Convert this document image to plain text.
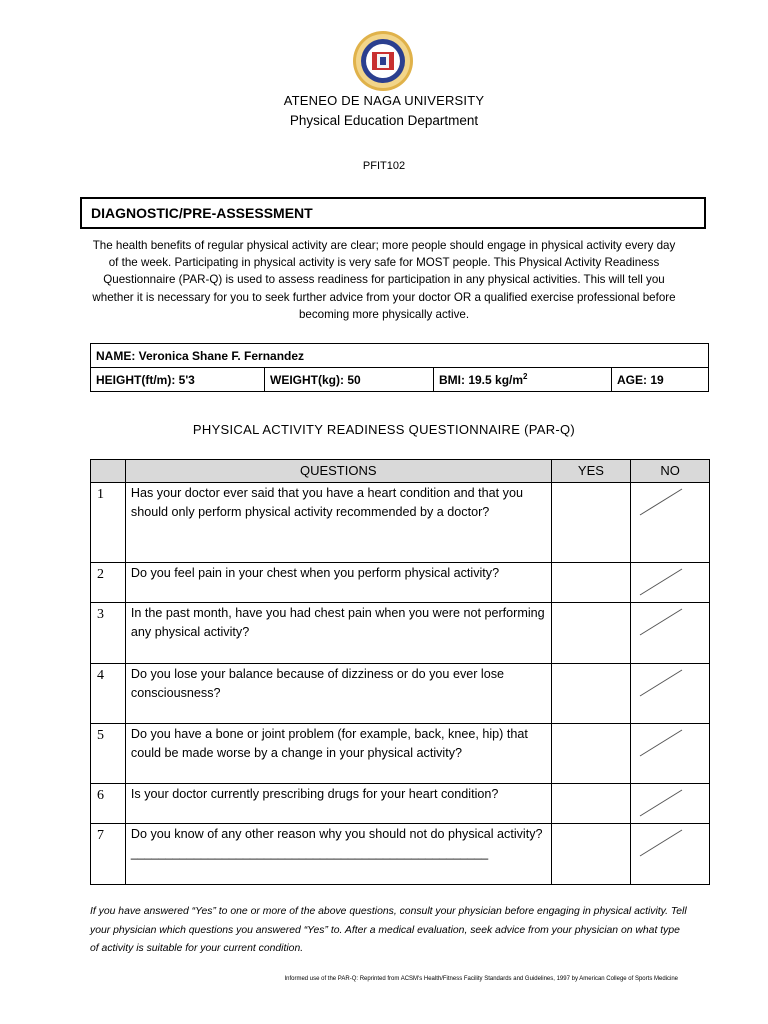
ATENEO DE NAGA UNIVERSITY
Physical Education Department
PFIT102
DIAGNOSTIC/PRE-ASSESSMENT
The health benefits of regular physical activity are clear; more people should engage in physical activity every day of the week. Participating in physical activity is very safe for MOST people. This Physical Activity Readiness Questionnaire (PAR-Q) is used to assess readiness for participation in any physical activities. This will tell you whether it is necessary for you to seek further advice from your doctor OR a qualified exercise professional before becoming more physically active.
NAME: Veronica Shane F. Fernandez
HEIGHT(ft/m): 5'3	WEIGHT(kg): 50	BMI: 19.5 $kg/m^2$	AGE: 19
PHYSICAL ACTIVITY READINESS QUESTIONNAIRE (PAR-Q)
	QUESTIONS	YES	NO
1	Has your doctor ever said that you have a heart condition and that you should only perform physical activity recommended by a doctor?		

2	Do you feel pain in your chest when you perform physical activity?		

3	In the past month, have you had chest pain when you were not performing any physical activity?		

4	Do you lose your balance because of dizziness or do you ever lose consciousness?		

5	Do you have a bone or joint problem (for example, back, knee, hip) that could be made worse by a change in your physical activity?		

6	Is your doctor currently prescribing drugs for your heart condition?		

7	Do you know of any other reason why you should not do physical activity?___________________________________________________		
If you have answered “Yes” to one or more of the above questions, consult your physician before engaging in physical activity. Tell your physician which questions you answered “Yes” to. After a medical evaluation, seek advice from your physician on what type of activity is suitable for your current condition.
Informed use of the PAR-Q: Reprinted from ACSM's Health/Fitness Facility Standards and Guidelines, 1997 by American College of Sports Medicine
